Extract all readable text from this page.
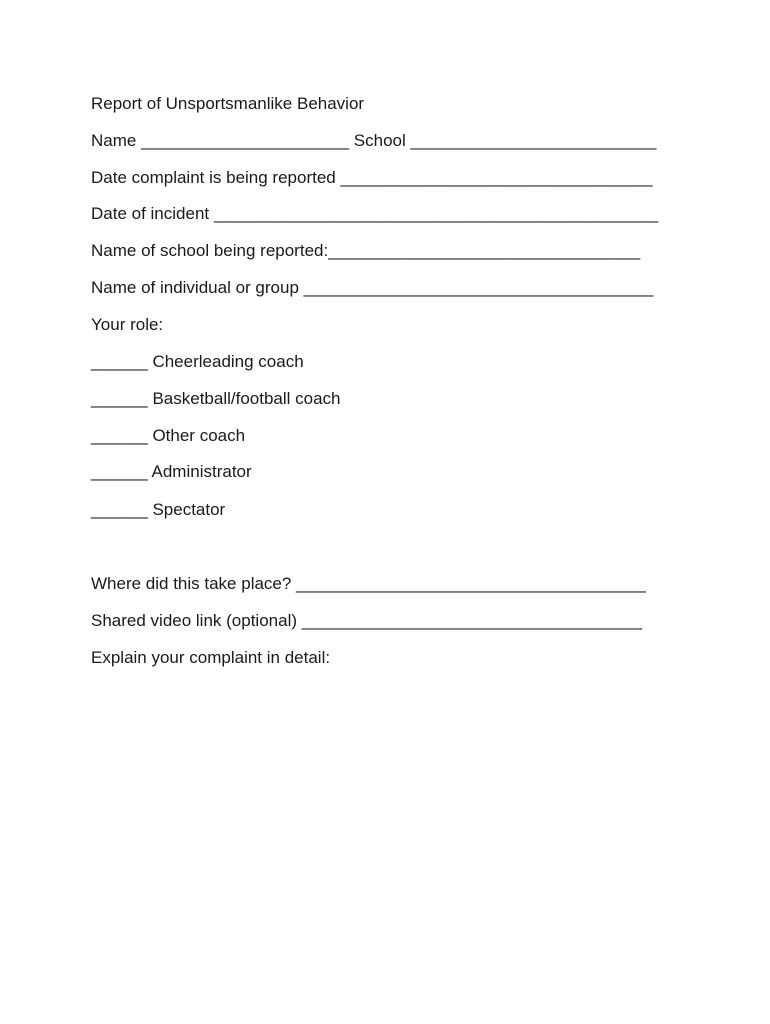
Report of Unsportsmanlike Behavior
Name ______________________ School __________________________
Date complaint is being reported _________________________________
Date of incident _______________________________________________
Name of school being reported:_________________________________
Name of individual or group _____________________________________
Your role:
______ Cheerleading coach
______ Basketball/football coach
______ Other coach
______ Administrator
______ Spectator
Where did this take place? _____________________________________
Shared video link (optional) ____________________________________
Explain your complaint in detail:
